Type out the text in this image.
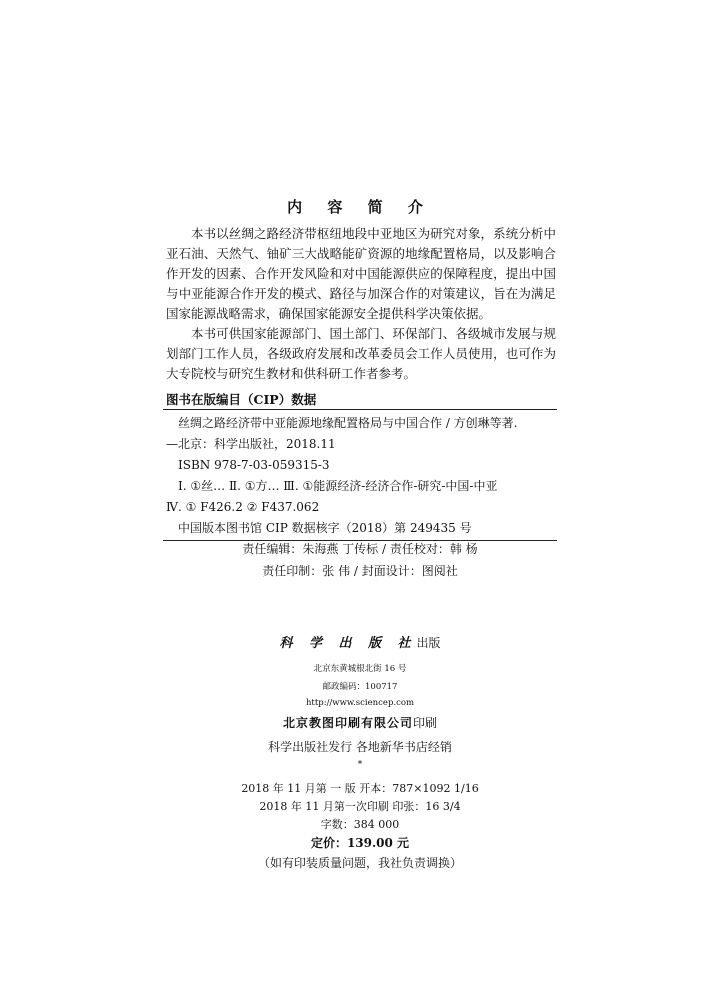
内 容 简 介

本书以丝绸之路经济带枢纽地段中亚地区为研究对象，系统分析中亚石油、天然气、铀矿三大战略能矿资源的地缘配置格局，以及影响合作开发的因素、合作开发风险和对中国能源供应的保障程度，提出中国与中亚能源合作开发的模式、路径与加深合作的对策建议，旨在为满足国家能源战略需求，确保国家能源安全提供科学决策依据。

本书可供国家能源部门、国土部门、环保部门、各级城市发展与规划部门工作人员，各级政府发展和改革委员会工作人员使用，也可作为大专院校与研究生教材和供科研工作者参考。

图书在版编目（CIP）数据
丝绸之路经济带中亚能源地缘配置格局与中国合作 / 方创琳等著.
—北京：科学出版社，2018.11
ISBN 978-7-03-059315-3
Ⅰ. ①丝… Ⅱ. ①方… Ⅲ. ①能源经济-经济合作-研究-中国-中亚
Ⅳ. ① F426.2 ② F437.062
中国版本图书馆 CIP 数据核字（2018）第 249435 号
责任编辑：朱海燕 丁传标 / 责任校对：韩 杨
责任印制：张 伟 / 封面设计：图阅社
科 学 出 版 社出版
北京东黄城根北街 16 号
邮政编码：100717
http://www.sciencep.com
北京教图印刷有限公司印刷
科学出版社发行 各地新华书店经销
*
2018 年 11 月第 一 版 开本：787×1092 1/16
2018 年 11 月第一次印刷 印张：16 3/4
字数：384 000
定价：139.00 元
（如有印装质量问题，我社负责调换）
